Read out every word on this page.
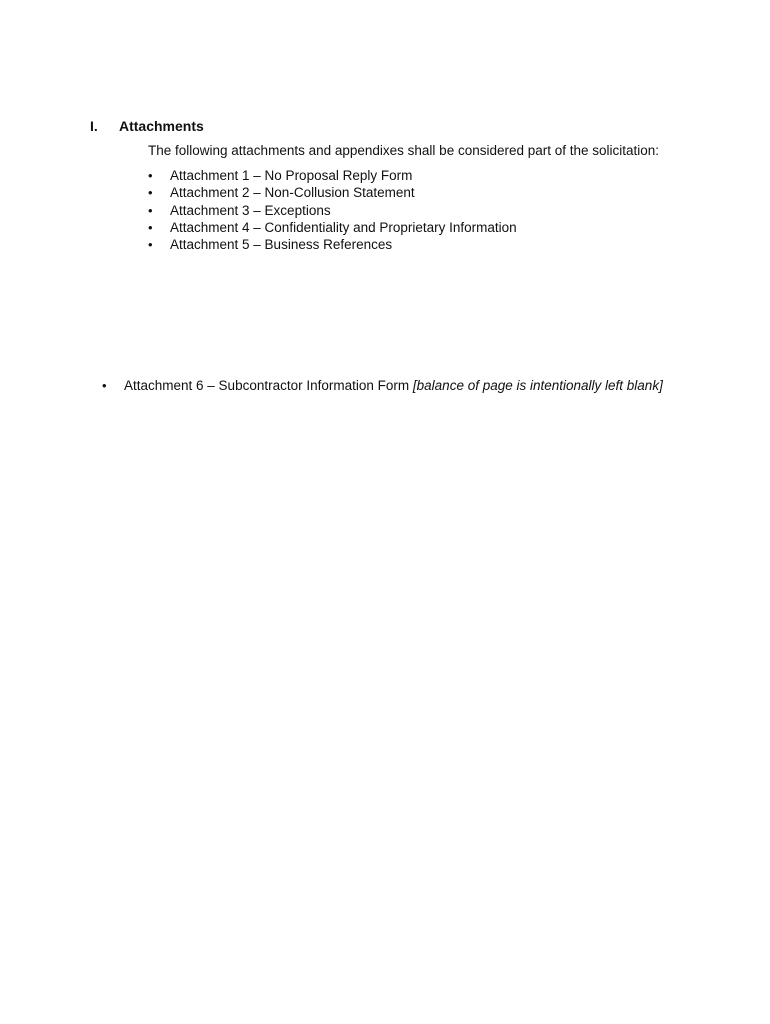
I. Attachments
The following attachments and appendixes shall be considered part of the solicitation:
• Attachment 1 – No Proposal Reply Form
• Attachment 2 – Non-Collusion Statement
• Attachment 3 – Exceptions
• Attachment 4 – Confidentiality and Proprietary Information
• Attachment 5 – Business References
• Attachment 6 – Subcontractor Information Form [balance of page is intentionally left blank]
